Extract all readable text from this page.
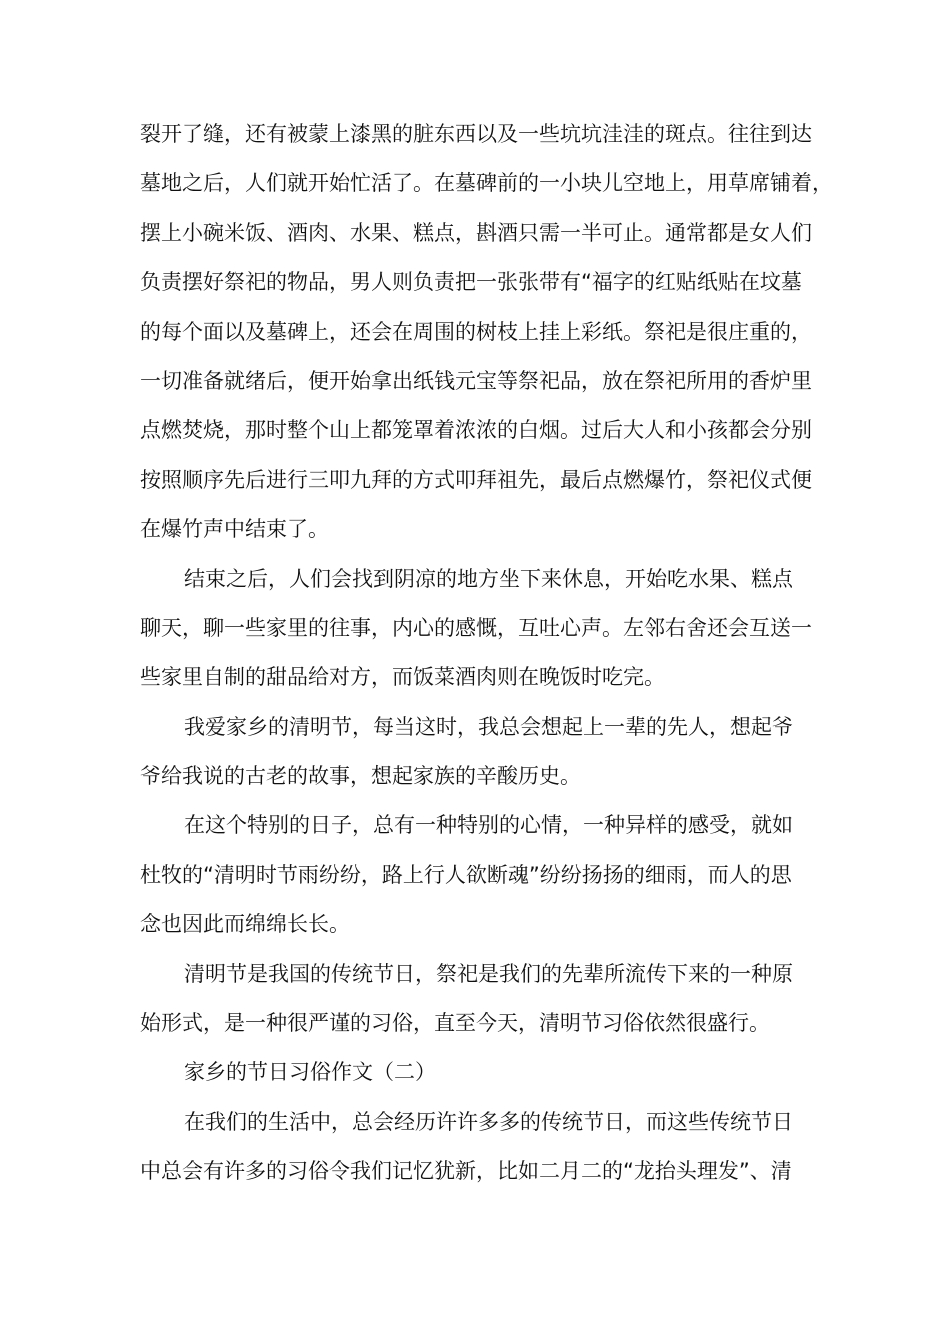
裂开了缝，还有被蒙上漆黑的脏东西以及一些坑坑洼洼的斑点。往往到达
墓地之后，人们就开始忙活了。在墓碑前的一小块儿空地上，用草席铺着，
摆上小碗米饭、酒肉、水果、糕点，斟酒只需一半可止。通常都是女人们
负责摆好祭祀的物品，男人则负责把一张张带有“福字的红贴纸贴在坟墓
的每个面以及墓碑上，还会在周围的树枝上挂上彩纸。祭祀是很庄重的，
一切准备就绪后，便开始拿出纸钱元宝等祭祀品，放在祭祀所用的香炉里
点燃焚烧，那时整个山上都笼罩着浓浓的白烟。过后大人和小孩都会分别
按照顺序先后进行三叩九拜的方式叩拜祖先，最后点燃爆竹，祭祀仪式便
在爆竹声中结束了。
结束之后，人们会找到阴凉的地方坐下来休息，开始吃水果、糕点
聊天，聊一些家里的往事，内心的感慨，互吐心声。左邻右舍还会互送一
些家里自制的甜品给对方，而饭菜酒肉则在晚饭时吃完。
我爱家乡的清明节，每当这时，我总会想起上一辈的先人，想起爷
爷给我说的古老的故事，想起家族的辛酸历史。
在这个特别的日子，总有一种特别的心情，一种异样的感受，就如
杜牧的“清明时节雨纷纷，路上行人欲断魂”纷纷扬扬的细雨，而人的思
念也因此而绵绵长长。
清明节是我国的传统节日，祭祀是我们的先辈所流传下来的一种原
始形式，是一种很严谨的习俗，直至今天，清明节习俗依然很盛行。
家乡的节日习俗作文（二）
在我们的生活中，总会经历许许多多的传统节日，而这些传统节日
中总会有许多的习俗令我们记忆犹新，比如二月二的“龙抬头理发”、清
